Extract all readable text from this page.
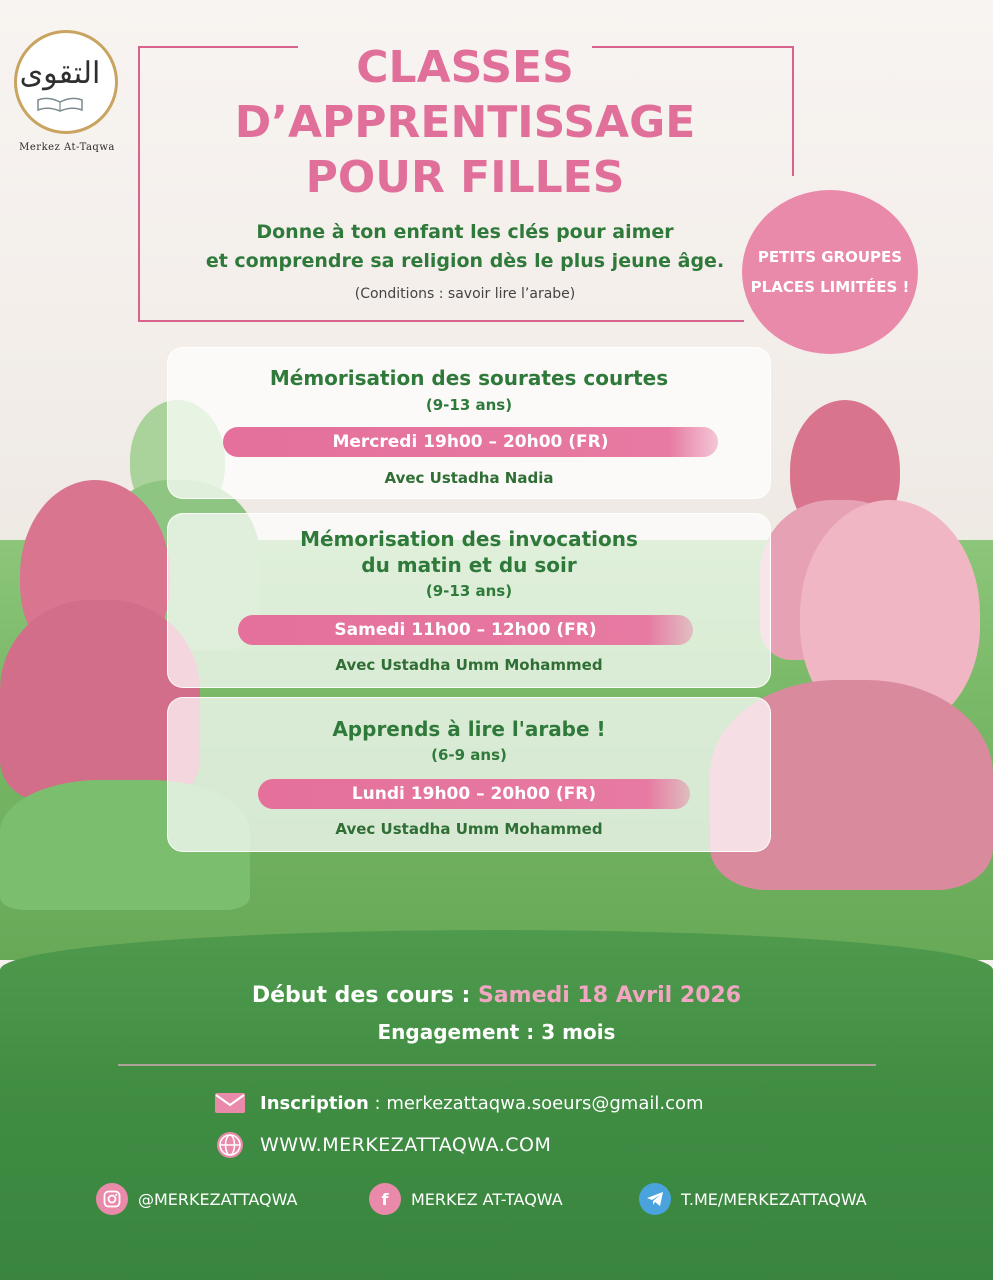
التقوى
Merkez At-Taqwa
CLASSES
D’APPRENTISSAGE
POUR FILLES
Donne à ton enfant les clés pour aimer
et comprendre sa religion dès le plus jeune âge.
(Conditions : savoir lire l’arabe)
PETITS GROUPES
PLACES LIMITÉES !
Mémorisation des sourates courtes
(9-13 ans)
Mercredi 19h00 – 20h00 (FR)
Avec Ustadha Nadia
Mémorisation des invocations
du matin et du soir
(9-13 ans)
Samedi 11h00 – 12h00 (FR)
Avec Ustadha Umm Mohammed
Apprends à lire l'arabe !
(6-9 ans)
Lundi 19h00 – 20h00 (FR)
Avec Ustadha Umm Mohammed
Début des cours : Samedi 18 Avril 2026
Engagement : 3 mois
Inscription : merkezattaqwa.soeurs@gmail.com
WWW.MERKEZATTAQWA.COM
@MERKEZATTAQWA	f	MERKEZ AT-TAQWA	T.ME/MERKEZATTAQWA
